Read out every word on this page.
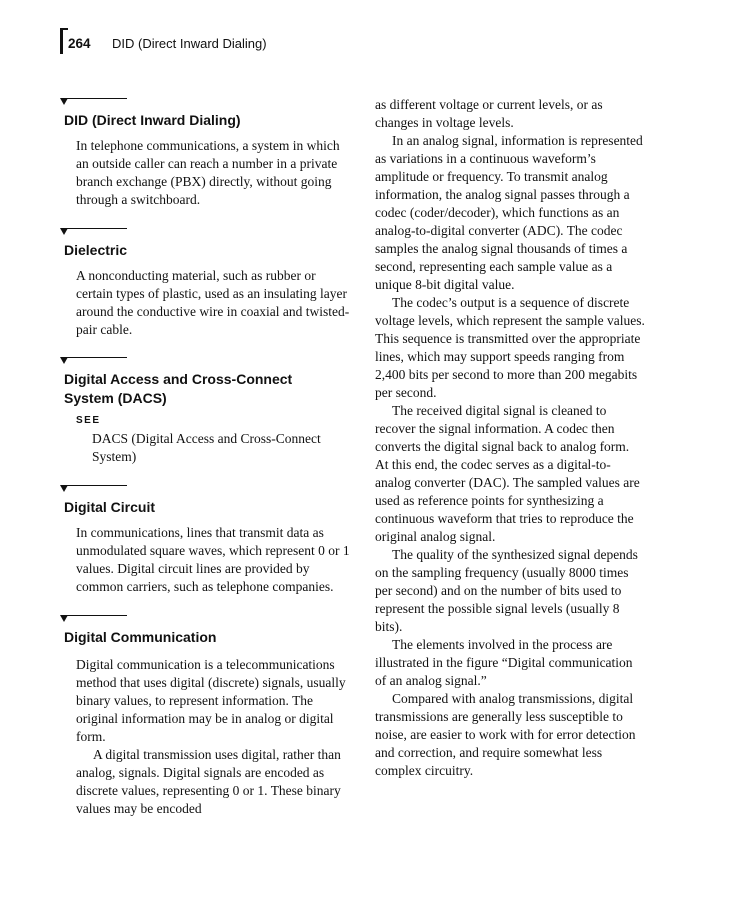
264 DID (Direct Inward Dialing)
DID (Direct Inward Dialing)

In telephone communications, a system in which an outside caller can reach a number in a private branch exchange (PBX) directly, without going through a switchboard.

Dielectric

A nonconducting material, such as rubber or certain types of plastic, used as an insulating layer around the conductive wire in coaxial and twisted-pair cable.

Digital Access and Cross-Connect System (DACS)
SEE
DACS (Digital Access and Cross-Connect System)
Digital Circuit

In communications, lines that transmit data as unmodulated square waves, which represent 0 or 1 values. Digital circuit lines are provided by common carriers, such as telephone companies.

Digital Communication

Digital communication is a telecommunications method that uses digital (discrete) signals, usually binary values, to represent information. The original information may be in analog or digital form.

A digital transmission uses digital, rather than analog, signals. Digital signals are encoded as discrete values, representing 0 or 1. These binary values may be encoded

as different voltage or current levels, or as changes in voltage levels.

In an analog signal, information is represented as variations in a continuous waveform’s amplitude or frequency. To transmit analog information, the analog signal passes through a codec (coder/decoder), which functions as an analog-to-digital converter (ADC). The codec samples the analog signal thousands of times a second, representing each sample value as a unique 8-bit digital value.

The codec’s output is a sequence of discrete voltage levels, which represent the sample values. This sequence is transmitted over the appropriate lines, which may support speeds ranging from 2,400 bits per second to more than 200 megabits per second.

The received digital signal is cleaned to recover the signal information. A codec then converts the digital signal back to analog form. At this end, the codec serves as a digital-to-analog converter (DAC). The sampled values are used as reference points for synthesizing a continuous waveform that tries to reproduce the original analog signal.

The quality of the synthesized signal depends on the sampling frequency (usually 8000 times per second) and on the number of bits used to represent the possible signal levels (usually 8 bits).

The elements involved in the process are illustrated in the figure “Digital communication of an analog signal.”

Compared with analog transmissions, digital transmissions are generally less susceptible to noise, are easier to work with for error detection and correction, and require somewhat less complex circuitry.
